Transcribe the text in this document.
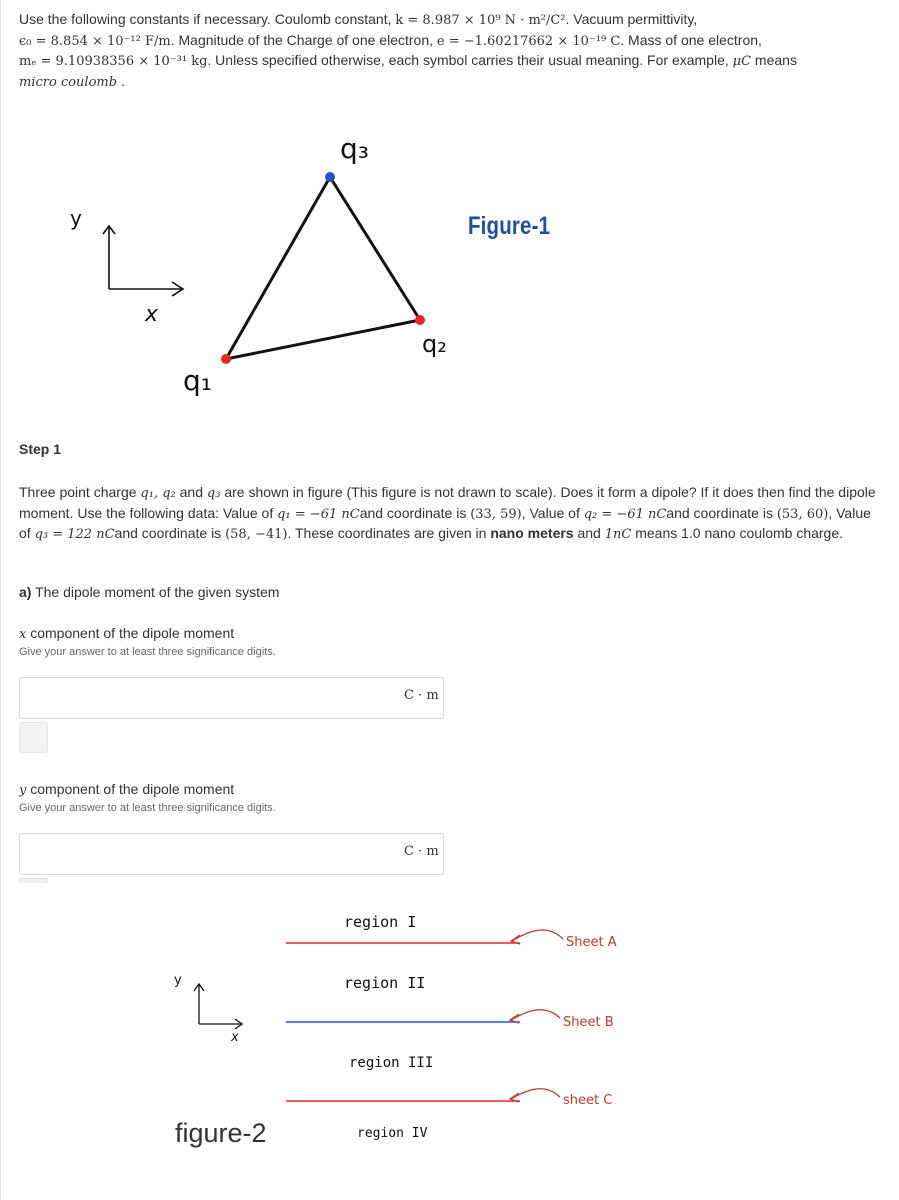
Use the following constants if necessary. Coulomb constant, k = 8.987 × 10⁹ N · m²/C². Vacuum permittivity,
ϵ₀ = 8.854 × 10⁻¹² F/m. Magnitude of the Charge of one electron, e = −1.60217662 × 10⁻¹⁹ C. Mass of one electron,
mₑ = 9.10938356 × 10⁻³¹ kg. Unless specified otherwise, each symbol carries their usual meaning. For example, μC means
micro coulomb .
y
x
q₁
q₂
q₃
Figure-1
Step 1
Three point charge q₁, q₂ and q₃ are shown in figure (This figure is not drawn to scale). Does it form a dipole? If it does then find the dipole moment. Use the following data: Value of q₁ = −61 nCand coordinate is (33, 59), Value of q₂ = −61 nCand coordinate is (53, 60), Value of q₃ = 122 nCand coordinate is (58, −41). These coordinates are given in nano meters and 1nC means 1.0 nano coulomb charge.
a) The dipole moment of the given system
x component of the dipole moment
Give your answer to at least three significance digits.
C · m
y component of the dipole moment
Give your answer to at least three significance digits.
C · m
y
x
region I
region II
region III
region IV
Sheet A
Sheet B
sheet C
figure-2
